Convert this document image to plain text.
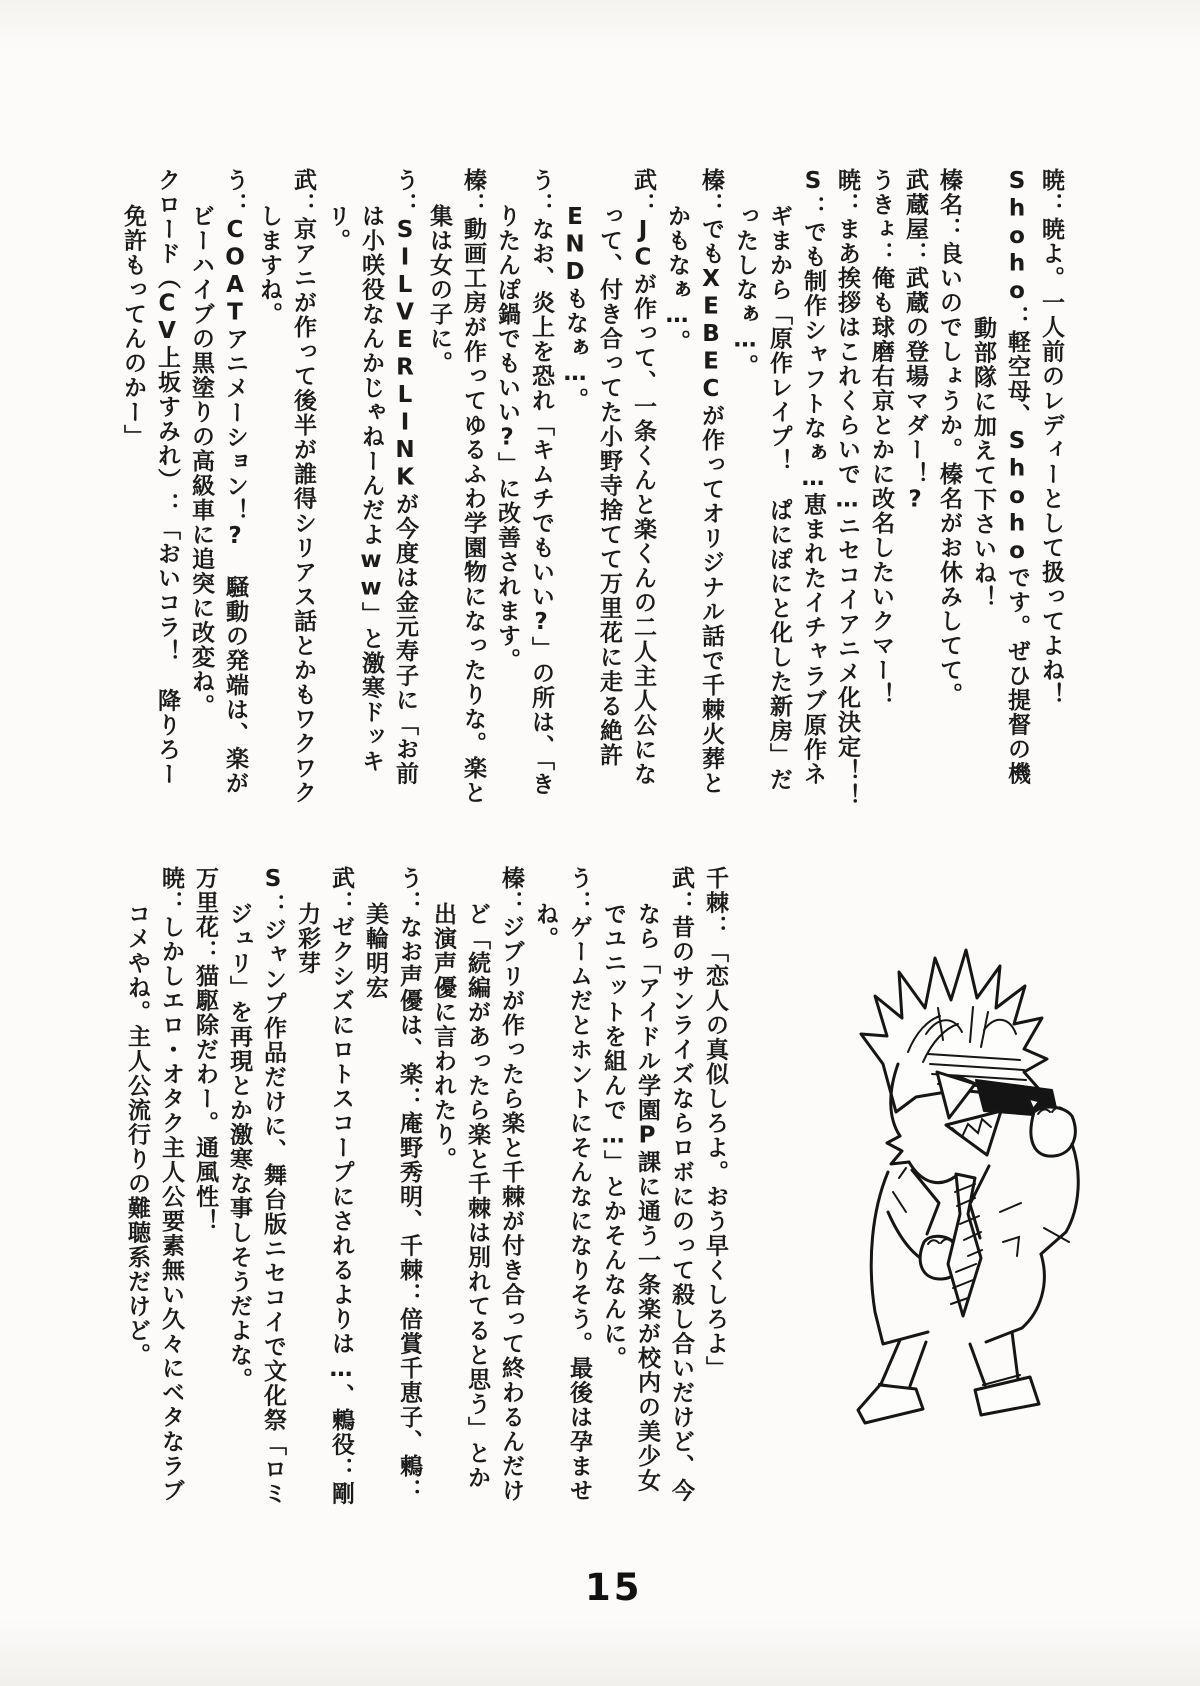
暁：暁よ。一人前のレディーとして扱ってよね！
Shoho：軽空母、Shohoです。ぜひ提督の機動部隊に加えて下さいね！
榛名：良いのでしょうか。榛名がお休みしてて。
武蔵屋：武蔵の登場マダー！?
うきょ：俺も球磨右京とかに改名したいクマー！
暁：まあ挨拶はこれくらいで…ニセコイアニメ化決定！！
S：でも制作シャフトなぁ…恵まれたイチャラブ原作ネギまから「原作レイプ！　ぱにぽにと化した新房」だったしなぁ…。
榛：でもXEBECが作ってオリジナル話で千棘火葬とかもなぁ…。
武：JCが作って、一条くんと楽くんの二人主人公になって、付き合ってた小野寺捨てて万里花に走る絶許ENDもなぁ…。
う：なお、炎上を恐れ「キムチでもいい?」の所は、「きりたんぽ鍋でもいい?」に改善されます。
榛：動画工房が作ってゆるふわ学園物になったりな。楽と集は女の子に。
う：SILVERLINKが今度は金元寿子に「お前は小咲役なんかじゃねーんだよww」と激寒ドッキリ。
武：京アニが作って後半が誰得シリアス話とかもワクワクしますね。
う：COATアニメーション！?　騒動の発端は、楽がビーハイブの黒塗りの高級車に追突に改変ね。
クロード（CV上坂すみれ）：「おいコラ！　降りろー免許もってんのかー」
千棘：「恋人の真似しろよ。おう早くしろよ」
武：昔のサンライズならロボにのって殺し合いだけど、今なら「アイドル学園P課に通う一条楽が校内の美少女でユニットを組んで…」とかそんなんに。
う：ゲームだとホントにそんなになりそう。最後は孕ませね。
榛：ジブリが作ったら楽と千棘が付き合って終わるんだけど「続編があったら楽と千棘は別れてると思う」とか出演声優に言われたり。
う：なお声優は、楽：庵野秀明、千棘：倍賞千恵子、鶫：美輪明宏
武：ゼクシズにロトスコープにされるよりは…、鶫役：剛力彩芽
S：ジャンプ作品だけに、舞台版ニセコイで文化祭「ロミジュリ」を再現とか激寒な事しそうだよな。
万里花：猫駆除だわー。通風性！
暁：しかしエロ・オタク主人公要素無い久々にベタなラブコメやね。主人公流行りの難聴系だけど。
15
